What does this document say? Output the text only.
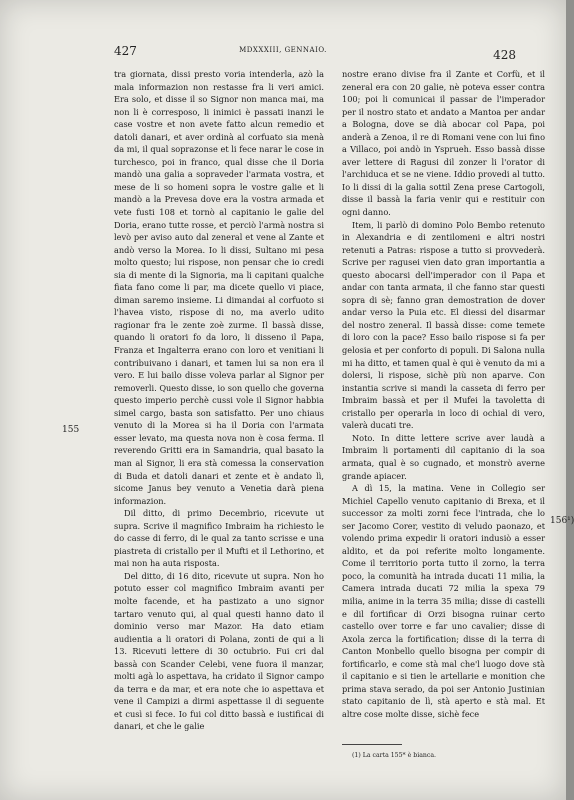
427	MDXXXIII, GENNAIO.	428

tra giornata, dissi presto voria intenderla, azò la mala informazion non restasse fra li veri amici. Era solo, et disse il so Signor non manca mai, ma non li è corresposo, li inimici è passati inanzi le case vostre et non avete fatto alcun remedio et datoli danari, et aver ordinà al corfuato sia menà da mi, il qual soprazonse et li fece narar le cose in turchesco, poi in franco, qual disse che il Doria mandò una galia a sopraveder l'armata vostra, et mese de li so homeni sopra le vostre galie et li mandò a la Prevesa dove era la vostra armada et vete fusti 108 et tornò al capitanio le galie del Doria, erano tutte rosse, et perciò l'armà nostra si levò per aviso auto dal zeneral et vene al Zante et andò verso la Morea. Io li dissi, Sultano mi pesa molto questo; lui rispose, non pensar che io credi sia di mente di la Signoria, ma li capitani qualche fiata fano come li par, ma dicete quello vi piace, diman saremo insieme. Li dimandai al corfuoto si l'havea visto, rispose di no, ma averlo udito ragionar fra le zente zoè zurme. Il bassà disse, quando li oratori fo da loro, li disseno il Papa, Franza et Ingalterra erano con loro et venitiani li contribuivano i danari, et tamen lui sa non era il vero. E lui bailo disse voleva parlar al Signor per removerli. Questo disse, io son quello che governa questo imperio perchè cussi vole il Signor habbia simel cargo, basta son satisfatto. Per uno chiaus venuto di la Morea si ha il Doria con l'armata esser levato, ma questa nova non è cosa ferma. Il reverendo Gritti era in Samandria, qual basato la man al Signor, li era stà comessa la conservation di Buda et datoli danari et zente et è andato lì, sicome Janus bey venuto a Venetia darà piena informazion.

Dil ditto, di primo Decembrio, ricevute ut supra. Scrive il magnifico Imbraim ha richiesto le do casse di ferro, di le qual za tanto scrisse e una piastreta di cristallo per il Mufti et il Lethorino, et mai non ha auta risposta.

Del ditto, di 16 dito, ricevute ut supra. Non ho potuto esser col magnifico Imbraim avanti per molte facende, et ha pastizato a uno signor tartaro venuto qui, al qual questi hanno dato il dominio verso mar Mazor. Ha dato etiam audientia a li oratori di Polana, zonti de qui a li 13. Ricevuti lettere di 30 octubrio. Fui cri dal bassà con Scander Celebi, vene fuora il manzar, molti agà lo aspettava, ha cridato il Signor campo da terra e da mar, et era note che io aspettava et vene il Campizi a dirmi aspettasse il di seguente et cusì si fece. Io fui col ditto bassà e iustificai di danari, et che le galie

nostre erano divise fra il Zante et Corfù, et il zeneral era con 20 galie, nè poteva esser contra 100; poi li comunicai il passar de l'imperador per il nostro stato et andato a Mantoa per andar a Bologna, dove se dià abocar col Papa, poi anderà a Zenoa, il re di Romani vene con lui fino a Villaco, poi andò in Ysprueh. Esso bassà disse aver lettere di Ragusi dil zonzer li l'orator di l'archiduca et se ne viene. Iddio provedi al tutto. Io li dissi di la galia sottil Zena prese Cartogoli, disse il bassà la faria venir qui e restituir con ogni danno.

Item, li parlò di domino Polo Bembo retenuto in Alexandria e di zentilomeni e altri nostri retenuti a Patras: rispose a tutto si provvederà. Scrive per ragusei vien dato gran importantia a questo abocarsi dell'imperador con il Papa et andar con tanta armata, il che fanno star questi sopra di sè; fanno gran demostration de dover andar verso la Puia etc. El diessi del disarmar del nostro zeneral. Il bassà disse: come temete di loro con la pace? Esso bailo rispose si fa per gelosia et per conforto di populi. Di Salona nulla mi ha ditto, et tamen qual è qui è venuto da mi a dolersi, li rispose, sichè più non aparve. Con instantia scrive si mandi la casseta di ferro per Imbraim bassà et per il Mufei la tavoletta di cristallo per operarla in loco di ochial di vero, valerà ducati tre.

Noto. In ditte lettere scrive aver laudà a Imbraim li portamenti dil capitanio di la soa armata, qual è so cugnado, et monstrò averne grande apiacer.

A dì 15, la matina. Vene in Collegio ser Michiel Capello venuto capitanio di Brexa, et il successor za molti zorni fece l'intrada, che lo ser Jacomo Corer, vestito di veludo paonazo, et volendo prima expedir li oratori indusiò a esser aldito, et da poi referite molto longamente. Come il territorio porta tutto il zorno, la terra poco, la comunità ha intrada ducati 11 milia, la Camera intrada ducati 72 milia la spexa 79 milia, anime in la terra 35 milia; disse di castelli e dil fortificar di Orzi bisogna ruinar certo castello over torre e far uno cavalier; disse di Axola zerca la fortification; disse di la terra di Canton Monbello quello bisogna per compir di fortificarlo, e come stà mal che'l luogo dove stà il capitanio e si tien le artellarie e monition che prima stava serado, da poi ser Antonio Justinian stato capitanio de lì, stà aperto e stà mal. Et altre cose molte disse, sichè fece

155
156¹)
(1) La carta 155* è bianca.
